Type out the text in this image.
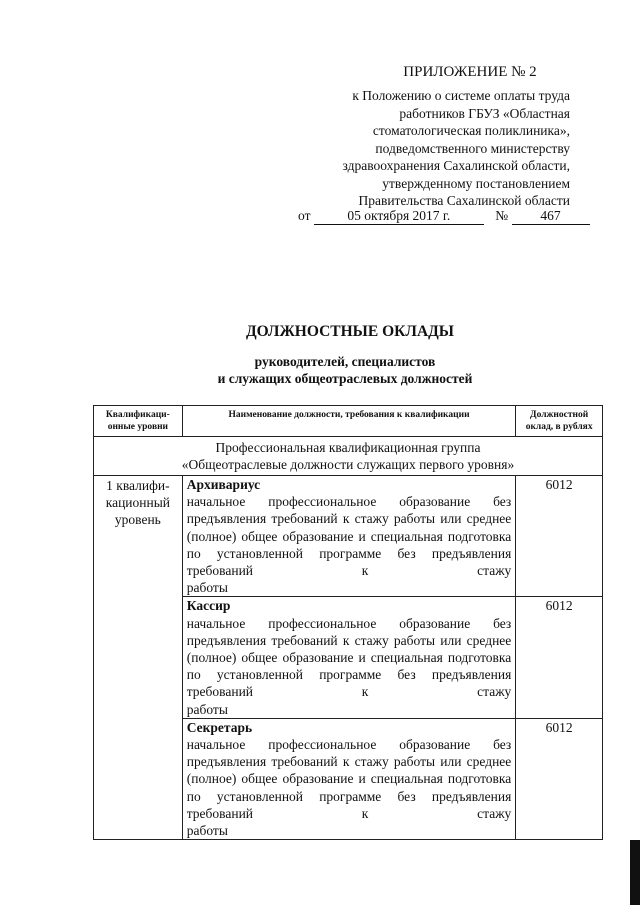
ПРИЛОЖЕНИЕ № 2
к Положению о системе оплаты труда
работников ГБУЗ «Областная
стоматологическая поликлиника»,
подведомственного министерству
здравоохранения Сахалинской области,
утвержденному постановлением
Правительства Сахалинской области
от	05 октября 2017 г.	№ 467
ДОЛЖНОСТНЫЕ ОКЛАДЫ
руководителей, специалистов
и служащих общеотраслевых должностей
Квалификаци-онные уровни	Наименование должности, требования к квалификации	Должностной оклад, в рублях

Профессиональная квалификационная группа
«Общеотраслевые должности служащих первого уровня»		

1 квалифи-кационный уровень	Архивариус
начальное профессиональное образование без предъявления требований к стажу работы или среднее (полное) общее образование и специальная подготовка по установленной программе без предъявления требований к стажу
работы	6012

	Кассир
начальное профессиональное образование без предъявления требований к стажу работы или среднее (полное) общее образование и специальная подготовка по установленной программе без предъявления требований к стажу
работы	6012

	Секретарь
начальное профессиональное образование без предъявления требований к стажу работы или среднее (полное) общее образование и специальная подготовка по установленной программе без предъявления требований к стажу
работы	6012
